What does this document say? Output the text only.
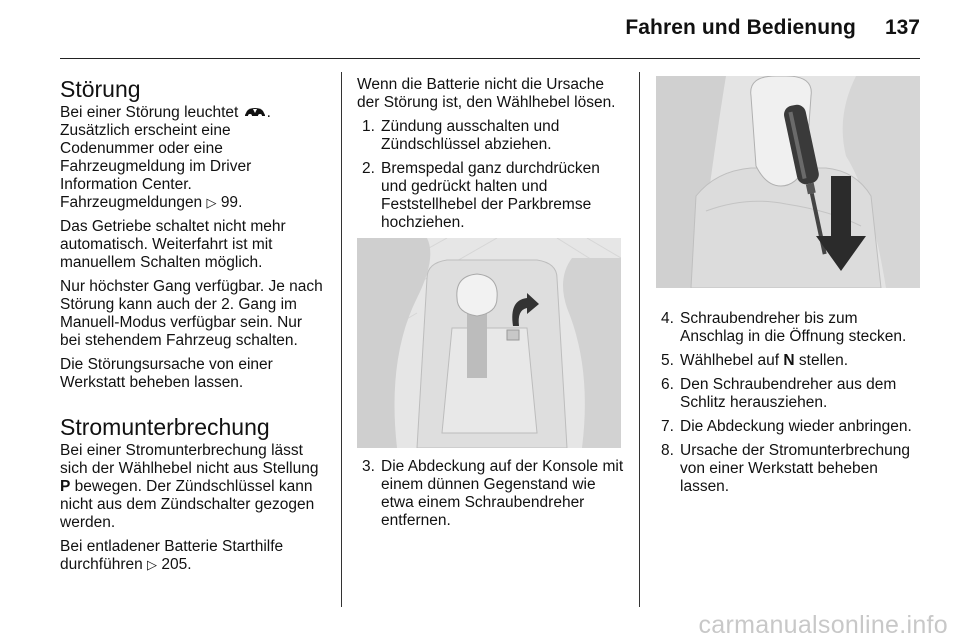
Fahren und Bedienung 137
Störung

Bei einer Störung leuchtet . Zusätzlich erscheint eine Codenummer oder eine Fahrzeugmeldung im Driver Information Center. Fahrzeugmeldungen ▷ 99.

Das Getriebe schaltet nicht mehr automatisch. Weiterfahrt ist mit manuellem Schalten möglich.

Nur höchster Gang verfügbar. Je nach Störung kann auch der 2. Gang im Manuell-Modus verfügbar sein. Nur bei stehendem Fahrzeug schalten.

Die Störungsursache von einer Werkstatt beheben lassen.

Stromunterbrechung

Bei einer Stromunterbrechung lässt sich der Wählhebel nicht aus Stellung P bewegen. Der Zündschlüssel kann nicht aus dem Zündschalter gezogen werden.

Bei entladener Batterie Starthilfe durchführen ▷ 205.

Wenn die Batterie nicht die Ursache der Störung ist, den Wählhebel lösen.

1. Zündung ausschalten und Zündschlüssel abziehen.
2. Bremspedal ganz durchdrücken und gedrückt halten und Feststellhebel der Parkbremse hochziehen.
3. Die Abdeckung auf der Konsole mit einem dünnen Gegenstand wie etwa einem Schraubendreher entfernen.
4. Schraubendreher bis zum Anschlag in die Öffnung stecken.
5. Wählhebel auf N stellen.
6. Den Schraubendreher aus dem Schlitz herausziehen.
7. Die Abdeckung wieder anbringen.
8. Ursache der Stromunterbrechung von einer Werkstatt beheben lassen.
carmanualsonline.info
